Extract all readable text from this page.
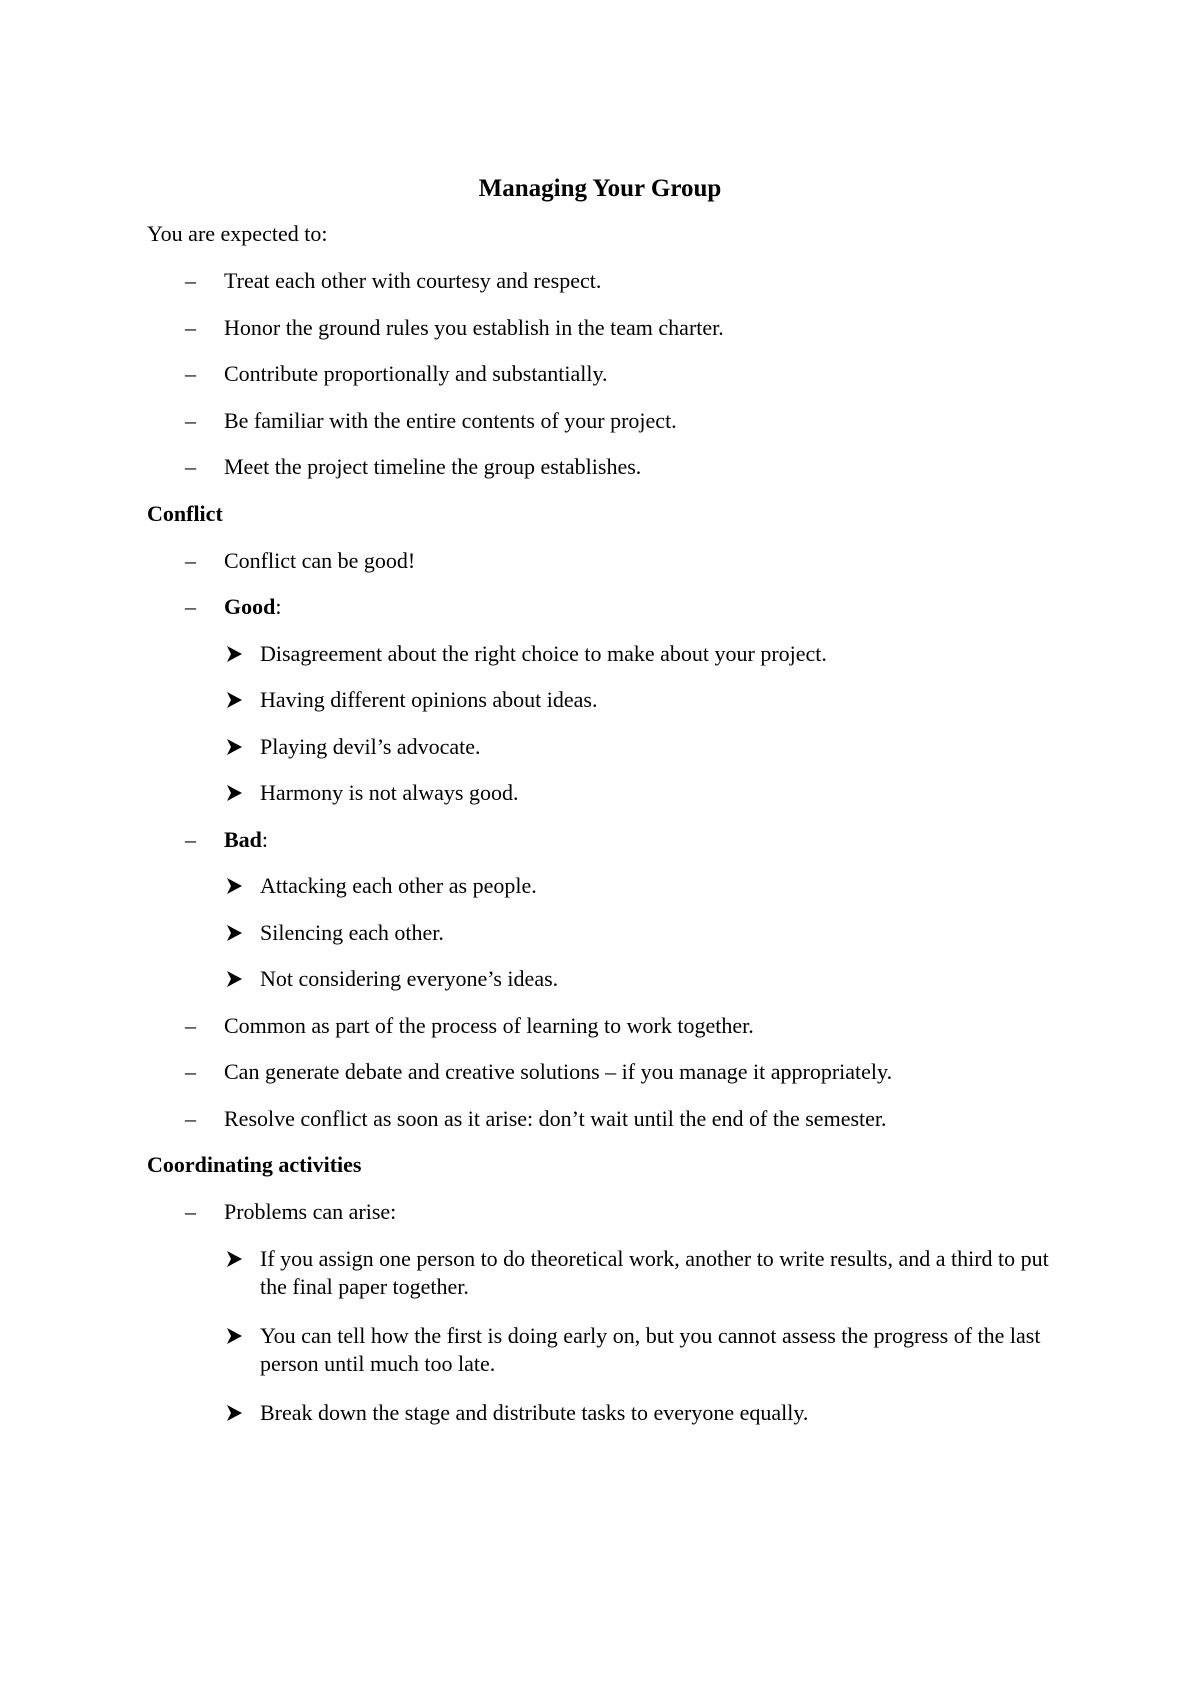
Managing Your Group
You are expected to:
– Treat each other with courtesy and respect.
– Honor the ground rules you establish in the team charter.
– Contribute proportionally and substantially.
– Be familiar with the entire contents of your project.
– Meet the project timeline the group establishes.
Conflict
– Conflict can be good!
– Good:
Disagreement about the right choice to make about your project.
Having different opinions about ideas.
Playing devil’s advocate.
Harmony is not always good.
– Bad:
Attacking each other as people.
Silencing each other.
Not considering everyone’s ideas.
– Common as part of the process of learning to work together.
– Can generate debate and creative solutions – if you manage it appropriately.
– Resolve conflict as soon as it arise: don’t wait until the end of the semester.
Coordinating activities
– Problems can arise:
If you assign one person to do theoretical work, another to write results, and a third to put the final paper together.
You can tell how the first is doing early on, but you cannot assess the progress of the last person until much too late.
Break down the stage and distribute tasks to everyone equally.
